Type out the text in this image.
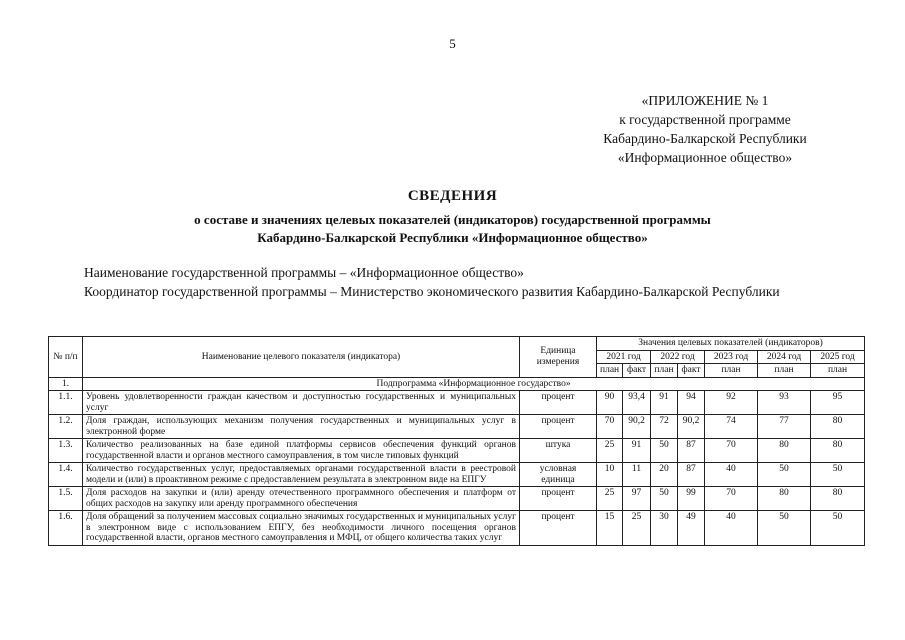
5
«ПРИЛОЖЕНИЕ № 1
к государственной программе
Кабардино-Балкарской Республики
«Информационное общество»
СВЕДЕНИЯ
о составе и значениях целевых показателей (индикаторов) государственной программы
Кабардино-Балкарской Республики «Информационное общество»
Наименование государственной программы – «Информационное общество»
Координатор государственной программы – Министерство экономического развития Кабардино-Балкарской Республики
№ п/п	Наименование целевого показателя (индикатора)	Единица измерения	Значения целевых показателей (индикаторов)						
			2021 год		2022 год		2023 год	2024 год	2025 год
			план	факт	план	факт	план	план	план
1.	Подпрограмма «Информационное государство»								
1.1.	Уровень удовлетворенности граждан качеством и доступностью государственных и муниципальных услуг	процент	90	93,4	91	94	92	93	95
1.2.	Доля граждан, использующих механизм получения государственных и муниципальных услуг в электронной форме	процент	70	90,2	72	90,2	74	77	80
1.3.	Количество реализованных на базе единой платформы сервисов обеспечения функций органов государственной власти и органов местного самоуправления, в том числе типовых функций	штука	25	91	50	87	70	80	80
1.4.	Количество государственных услуг, предоставляемых органами государственной власти в реестровой модели и (или) в проактивном режиме с предоставлением результата в электронном виде на ЕПГУ	условная единица	10	11	20	87	40	50	50
1.5.	Доля расходов на закупки и (или) аренду отечественного программного обеспечения и платформ от общих расходов на закупку или аренду программного обеспечения	процент	25	97	50	99	70	80	80
1.6.	Доля обращений за получением массовых социально значимых государственных и муниципальных услуг в электронном виде с использованием ЕПГУ, без необходимости личного посещения органов государственной власти, органов местного самоуправления и МФЦ, от общего количества таких услуг	процент	15	25	30	49	40	50	50
